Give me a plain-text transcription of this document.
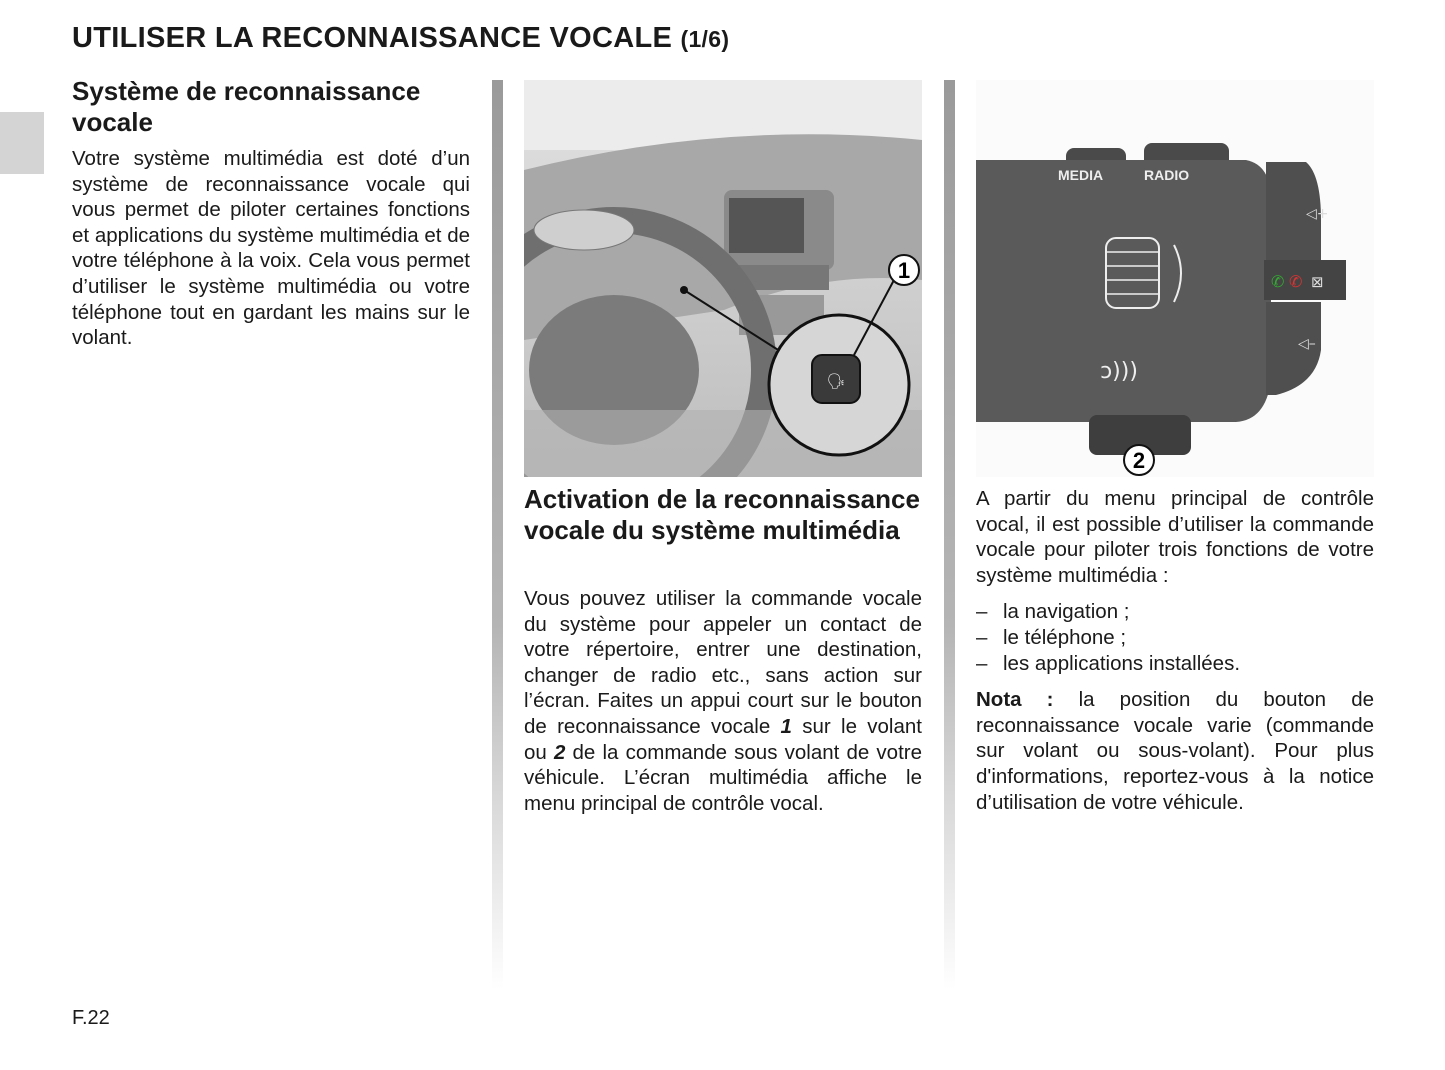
UTILISER LA RECONNAISSANCE VOCALE (1/6)
Système de reconnaissance vocale
Votre système multimédia est doté d’un système de reconnaissance vocale qui vous permet de piloter certaines fonctions et applications du système multimédia et de votre téléphone à la voix. Cela vous permet d’utiliser le système multimédia ou votre téléphone tout en gardant les mains sur le volant.
🗣
1
Activation de la reconnaissance vocale du système multimédia
Vous pouvez utiliser la commande vocale du système pour appeler un contact de votre répertoire, entrer une destination, changer de radio etc., sans action sur l’écran. Faites un appui court sur le bouton de reconnaissance vocale 1 sur le volant ou 2 de la commande sous volant de votre véhicule. L’écran multimédia affiche le menu principal de contrôle vocal.
MEDIA	RADIO
ↄ)))
◁+
✆ ✆ ⊠
◁–
2

A partir du menu principal de contrôle vocal, il est possible d’utiliser la commande vocale pour piloter trois fonctions de votre système multimédia :

– la navigation ;
– le téléphone ;
– les applications installées.

Nota : la position du bouton de reconnaissance vocale varie (commande sur volant ou sous-volant). Pour plus d'informations, reportez-vous à la notice d’utilisation de votre véhicule.

F.22
